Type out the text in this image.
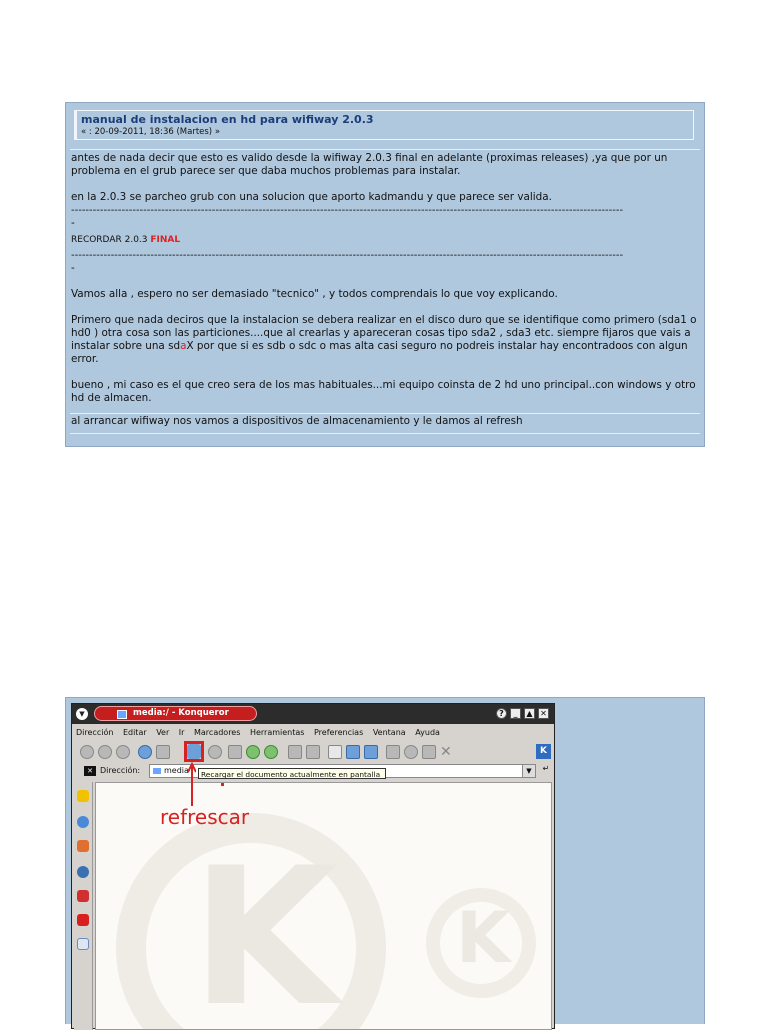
manual de instalacion en hd para wifiway 2.0.3
« : 20-09-2011, 18:36 (Martes) »

antes de nada decir que esto es valido desde la wifiway 2.0.3 final en adelante (proximas releases) ,ya que por un problema en el grub parece ser que daba muchos problemas para instalar.

en la 2.0.3 se parcheo grub con una solucion que aporto kadmandu y que parece ser valida.

---------------------------------------------------------------------------------------------------------------------------------------------------------
-

RECORDAR 2.0.3 FINAL

---------------------------------------------------------------------------------------------------------------------------------------------------------
-

Vamos alla , espero no ser demasiado "tecnico" , y todos comprendais lo que voy explicando.

Primero que nada deciros que la instalacion se debera realizar en el disco duro que se identifique como primero (sda1 o hd0 ) otra cosa son las particiones....que al crearlas y apareceran cosas tipo sda2 , sda3 etc. siempre fijaros que vais a instalar sobre una sdaX por que si es sdb o sdc o mas alta casi seguro no podreis instalar hay encontradoos con algun error.

bueno , mi caso es el que creo sera de los mas habituales...mi equipo coinsta de 2 hd uno principal..con windows y otro hd de almacen.

al arrancar wifiway nos vamos a dispositivos de almacenamiento y le damos al refresh
▼	media:/ - Konqueror	?	_	▲ ✕
Dirección Editar Ver Ir Marcadores Herramientas Preferencias Ventana Ayuda
✕	K
✕ Dirección:	media	▼	↵
Recargar el documento actualmente en pantalla
K K
refrescar
